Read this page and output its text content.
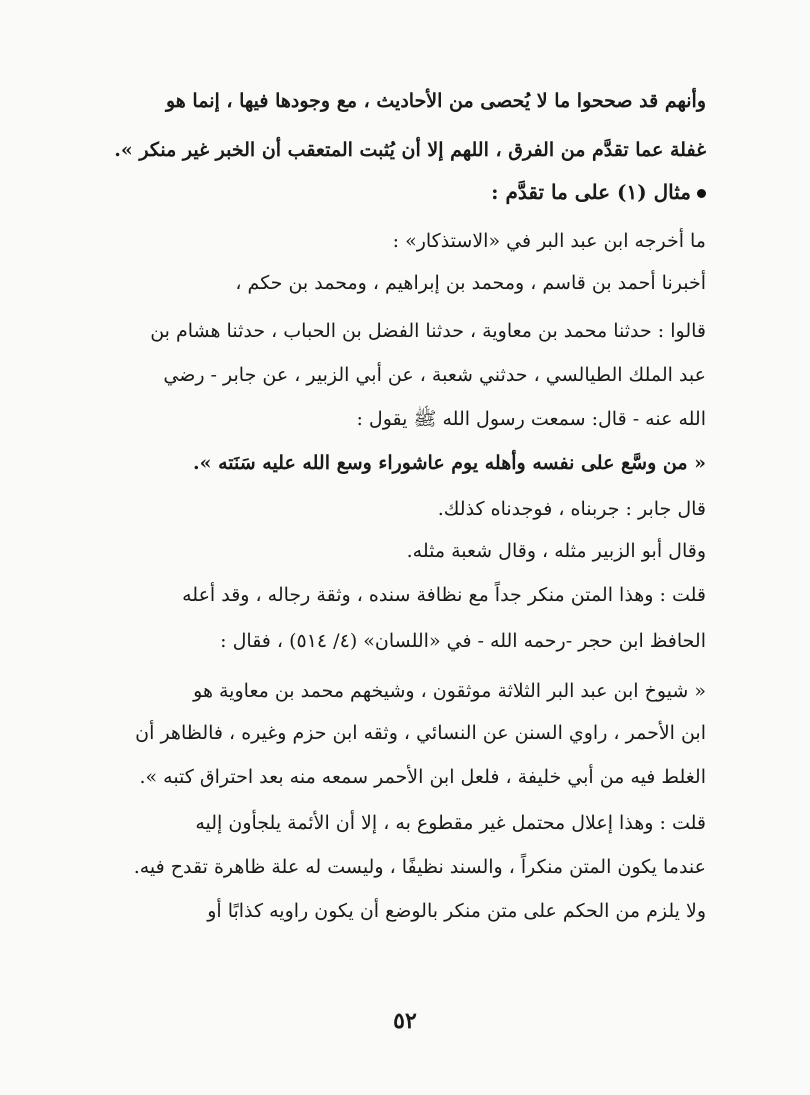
وأنهم قد صححوا ما لا يُحصى من الأحاديث ، مع وجودها فيها ، إنما هو
غفلة عما تقدَّم من الفرق ، اللهم إلا أن يُثبت المتعقب أن الخبر غير منكر ».
مثال (١) على ما تقدَّم :
ما أخرجه ابن عبد البر في «الاستذكار» :
أخبرنا أحمد بن قاسم ، ومحمد بن إبراهيم ، ومحمد بن حكم ،
قالوا : حدثنا محمد بن معاوية ، حدثنا الفضل بن الحباب ، حدثنا هشام بن
عبد الملك الطيالسي ، حدثني شعبة ، عن أبي الزبير ، عن جابر - رضي
الله عنه - قال: سمعت رسول الله ﷺ يقول :
« من وسَّع على نفسه وأهله يوم عاشوراء وسع الله عليه سَنَته ».
قال جابر : جربناه ، فوجدناه كذلك.
وقال أبو الزبير مثله ، وقال شعبة مثله.
قلت : وهذا المتن منكر جداً مع نظافة سنده ، وثقة رجاله ، وقد أعله
الحافظ ابن حجر -رحمه الله - في «اللسان» (٤/ ٥١٤) ، فقال :
« شيوخ ابن عبد البر الثلاثة موثقون ، وشيخهم محمد بن معاوية هو
ابن الأحمر ، راوي السنن عن النسائي ، وثقه ابن حزم وغيره ، فالظاهر أن
الغلط فيه من أبي خليفة ، فلعل ابن الأحمر سمعه منه بعد احتراق كتبه ».
قلت : وهذا إعلال محتمل غير مقطوع به ، إلا أن الأئمة يلجأون إليه
عندما يكون المتن منكراً ، والسند نظيفًا ، وليست له علة ظاهرة تقدح فيه.
ولا يلزم من الحكم على متن منكر بالوضع أن يكون راويه كذابًا أو
٥٢
